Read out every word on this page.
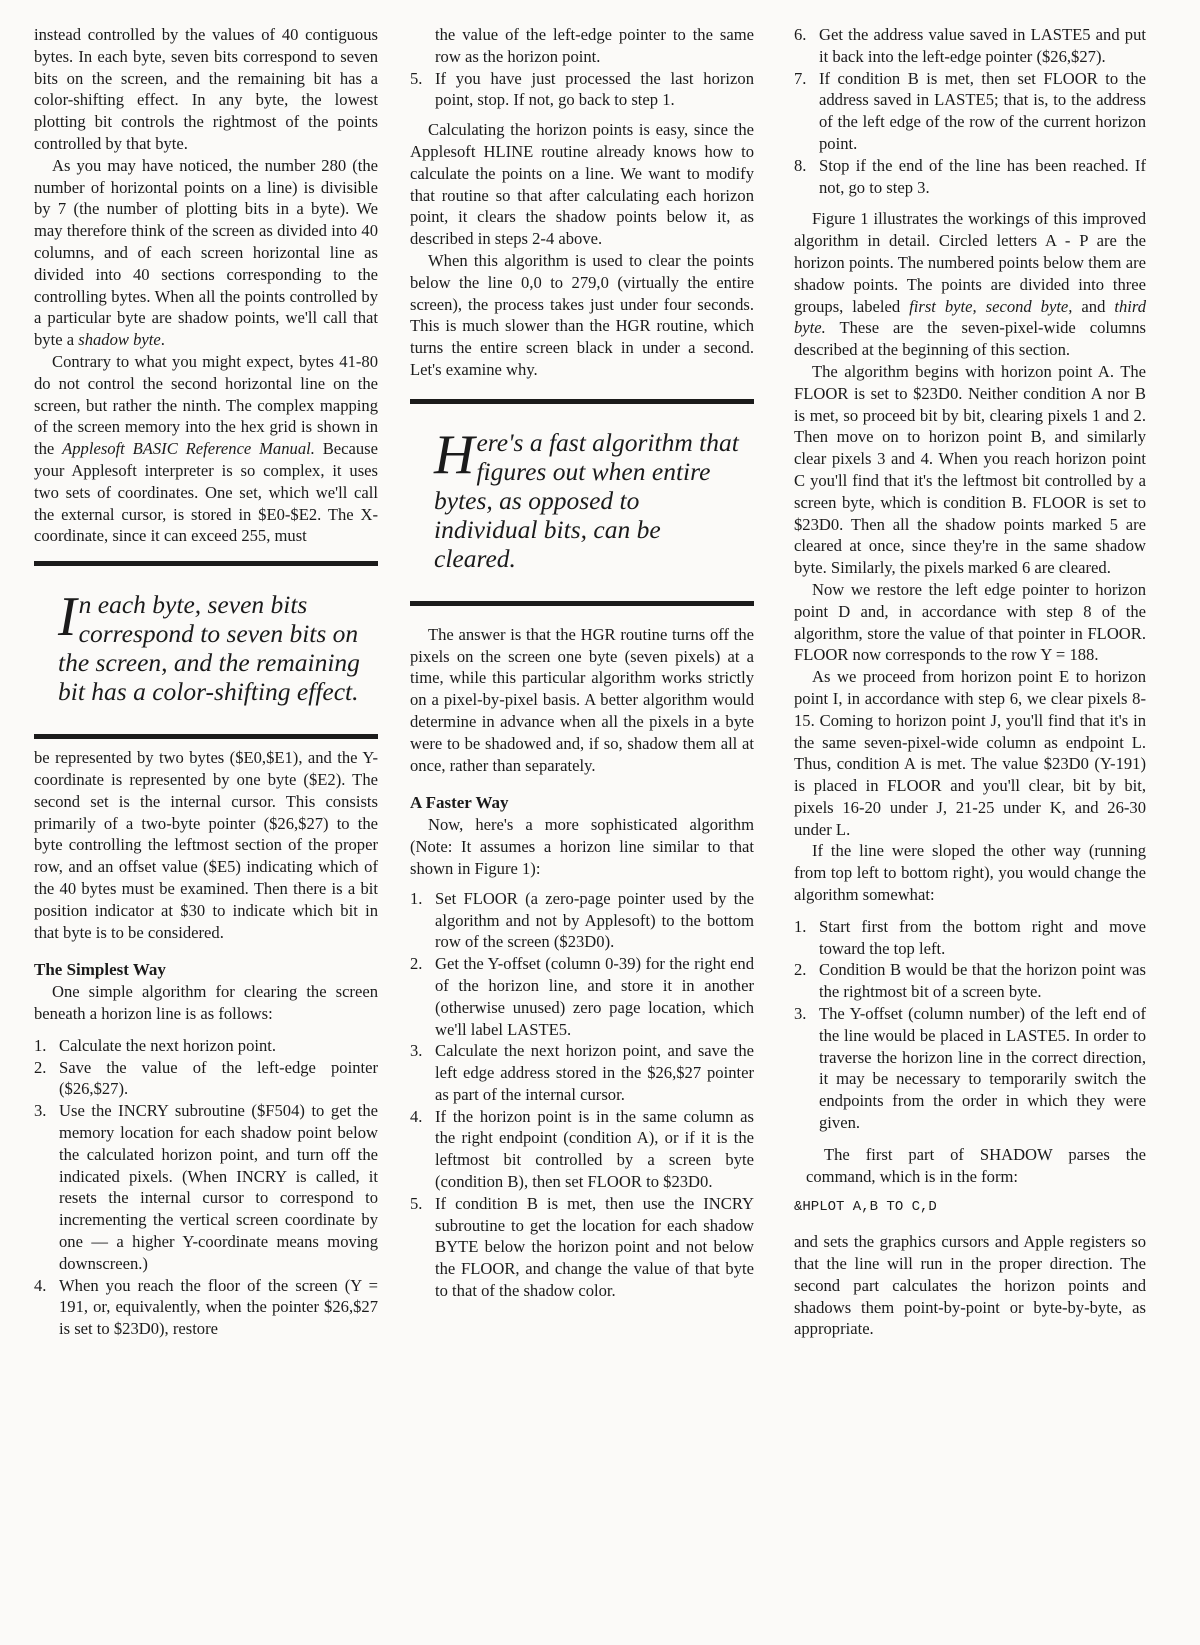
instead controlled by the values of 40 contiguous bytes. In each byte, seven bits correspond to seven bits on the screen, and the remaining bit has a color-shifting effect. In any byte, the lowest plotting bit controls the rightmost of the points controlled by that byte.

As you may have noticed, the number 280 (the number of horizontal points on a line) is divisible by 7 (the number of plotting bits in a byte). We may therefore think of the screen as divided into 40 columns, and of each screen horizontal line as divided into 40 sections corresponding to the controlling bytes. When all the points controlled by a particular byte are shadow points, we'll call that byte a shadow byte.

Contrary to what you might expect, bytes 41-80 do not control the second horizontal line on the screen, but rather the ninth. The complex mapping of the screen memory into the hex grid is shown in the Applesoft BASIC Reference Manual. Because your Applesoft interpreter is so complex, it uses two sets of coordinates. One set, which we'll call the external cursor, is stored in $E0-$E2. The X-coordinate, since it can exceed 255, must

In each byte, seven bits correspond to seven bits on the screen, and the remaining bit has a color-shifting effect.

be represented by two bytes ($E0,$E1), and the Y-coordinate is represented by one byte ($E2). The second set is the internal cursor. This consists primarily of a two-byte pointer ($26,$27) to the byte controlling the leftmost section of the proper row, and an offset value ($E5) indicating which of the 40 bytes must be examined. Then there is a bit position indicator at $30 to indicate which bit in that byte is to be considered.

The Simplest Way

One simple algorithm for clearing the screen beneath a horizon line is as follows:

1. Calculate the next horizon point.
2. Save the value of the left-edge pointer ($26,$27).
3. Use the INCRY subroutine ($F504) to get the memory location for each shadow point below the calculated horizon point, and turn off the indicated pixels. (When INCRY is called, it resets the internal cursor to correspond to incrementing the vertical screen coordinate by one — a higher Y-coordinate means moving downscreen.)
4. When you reach the floor of the screen (Y = 191, or, equivalently, when the pointer $26,$27 is set to $23D0), restore
the value of the left-edge pointer to the same row as the horizon point.
5. If you have just processed the last horizon point, stop. If not, go back to step 1.

Calculating the horizon points is easy, since the Applesoft HLINE routine already knows how to calculate the points on a line. We want to modify that routine so that after calculating each horizon point, it clears the shadow points below it, as described in steps 2-4 above.

When this algorithm is used to clear the points below the line 0,0 to 279,0 (virtually the entire screen), the process takes just under four seconds. This is much slower than the HGR routine, which turns the entire screen black in under a second. Let's examine why.

Here's a fast algorithm that figures out when entire bytes, as opposed to individual bits, can be cleared.

The answer is that the HGR routine turns off the pixels on the screen one byte (seven pixels) at a time, while this particular algorithm works strictly on a pixel-by-pixel basis. A better algorithm would determine in advance when all the pixels in a byte were to be shadowed and, if so, shadow them all at once, rather than separately.

A Faster Way

Now, here's a more sophisticated algorithm (Note: It assumes a horizon line similar to that shown in Figure 1):

1. Set FLOOR (a zero-page pointer used by the algorithm and not by Applesoft) to the bottom row of the screen ($23D0).
2. Get the Y-offset (column 0-39) for the right end of the horizon line, and store it in another (otherwise unused) zero page location, which we'll label LASTE5.
3. Calculate the next horizon point, and save the left edge address stored in the $26,$27 pointer as part of the internal cursor.
4. If the horizon point is in the same column as the right endpoint (condition A), or if it is the leftmost bit controlled by a screen byte (condition B), then set FLOOR to $23D0.
5. If condition B is met, then use the INCRY subroutine to get the location for each shadow BYTE below the horizon point and not below the FLOOR, and change the value of that byte to that of the shadow color.
6. Get the address value saved in LASTE5 and put it back into the left-edge pointer ($26,$27).
7. If condition B is met, then set FLOOR to the address saved in LASTE5; that is, to the address of the left edge of the row of the current horizon point.
8. Stop if the end of the line has been reached. If not, go to step 3.

Figure 1 illustrates the workings of this improved algorithm in detail. Circled letters A - P are the horizon points. The numbered points below them are shadow points. The points are divided into three groups, labeled first byte, second byte, and third byte. These are the seven-pixel-wide columns described at the beginning of this section.

The algorithm begins with horizon point A. The FLOOR is set to $23D0. Neither condition A nor B is met, so proceed bit by bit, clearing pixels 1 and 2. Then move on to horizon point B, and similarly clear pixels 3 and 4. When you reach horizon point C you'll find that it's the leftmost bit controlled by a screen byte, which is condition B. FLOOR is set to $23D0. Then all the shadow points marked 5 are cleared at once, since they're in the same shadow byte. Similarly, the pixels marked 6 are cleared.

Now we restore the left edge pointer to horizon point D and, in accordance with step 8 of the algorithm, store the value of that pointer in FLOOR. FLOOR now corresponds to the row Y = 188.

As we proceed from horizon point E to horizon point I, in accordance with step 6, we clear pixels 8-15. Coming to horizon point J, you'll find that it's in the same seven-pixel-wide column as endpoint L. Thus, condition A is met. The value $23D0 (Y-191) is placed in FLOOR and you'll clear, bit by bit, pixels 16-20 under J, 21-25 under K, and 26-30 under L.

If the line were sloped the other way (running from top left to bottom right), you would change the algorithm somewhat:

1. Start first from the bottom right and move toward the top left.
2. Condition B would be that the horizon point was the rightmost bit of a screen byte.
3. The Y-offset (column number) of the left end of the line would be placed in LASTE5. In order to traverse the horizon line in the correct direction, it may be necessary to temporarily switch the endpoints from the order in which they were given.

The first part of SHADOW parses the command, which is in the form:

&HPLOT A,B TO C,D

and sets the graphics cursors and Apple registers so that the line will run in the proper direction. The second part calculates the horizon points and shadows them point-by-point or byte-by-byte, as appropriate.
